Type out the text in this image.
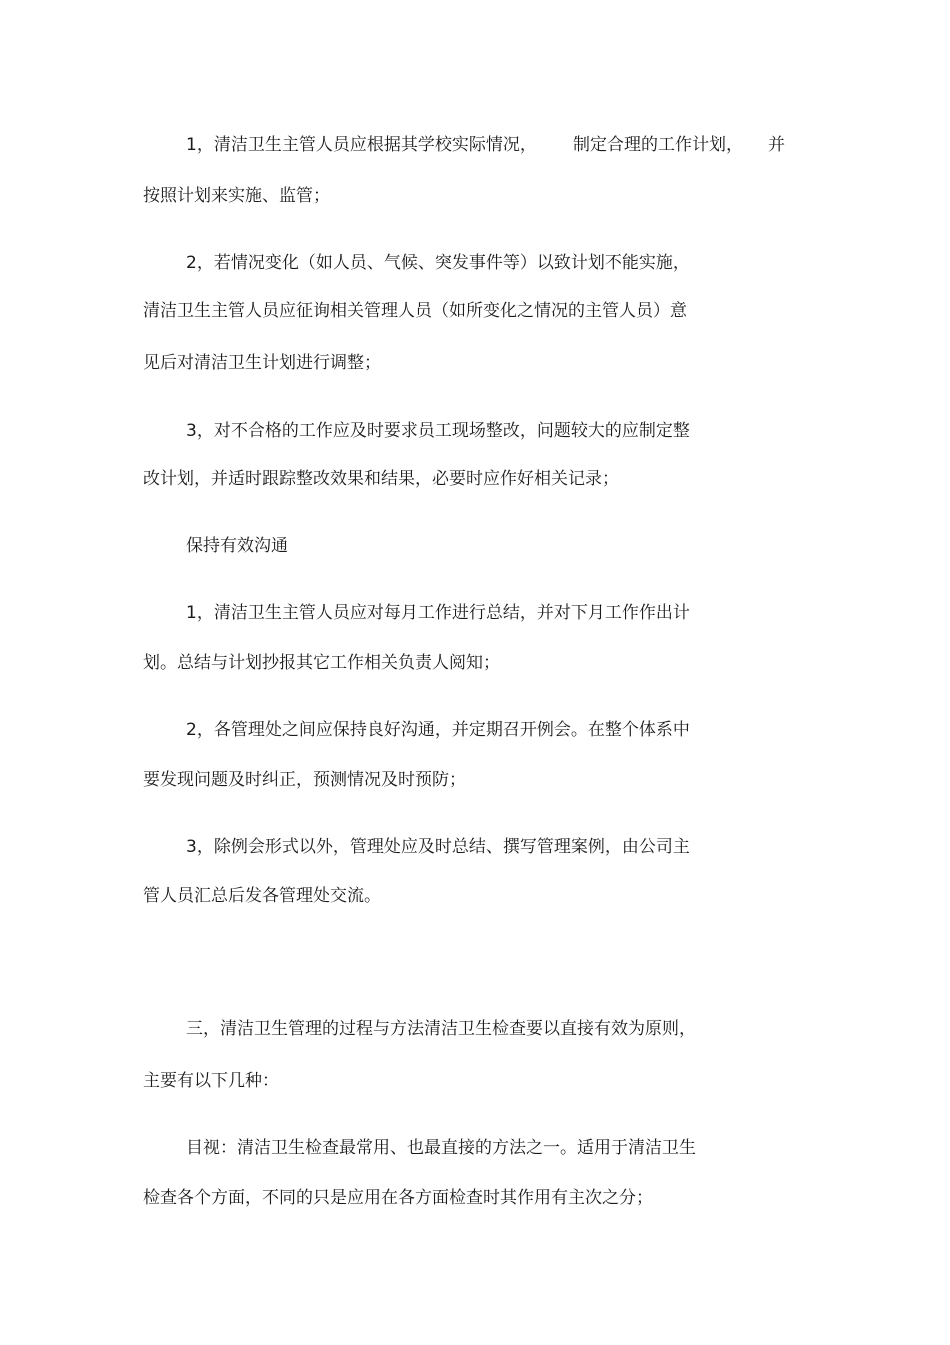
1，清洁卫生主管人员应根据其学校实际情况， 制定合理的工作计划， 并
按照计划来实施、监管；
2，若情况变化（如人员、气候、突发事件等）以致计划不能实施，
清洁卫生主管人员应征询相关管理人员（如所变化之情况的主管人员）意
见后对清洁卫生计划进行调整；
3，对不合格的工作应及时要求员工现场整改，问题较大的应制定整
改计划，并适时跟踪整改效果和结果，必要时应作好相关记录；
保持有效沟通
1，清洁卫生主管人员应对每月工作进行总结，并对下月工作作出计
划。总结与计划抄报其它工作相关负责人阅知；
2，各管理处之间应保持良好沟通，并定期召开例会。在整个体系中
要发现问题及时纠正，预测情况及时预防；
3，除例会形式以外，管理处应及时总结、撰写管理案例，由公司主
管人员汇总后发各管理处交流。
三，清洁卫生管理的过程与方法清洁卫生检查要以直接有效为原则，
主要有以下几种：
目视：清洁卫生检查最常用、也最直接的方法之一。适用于清洁卫生
检查各个方面，不同的只是应用在各方面检查时其作用有主次之分；
